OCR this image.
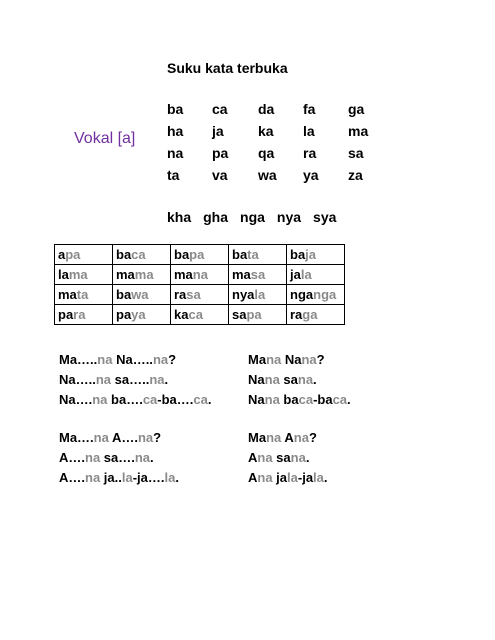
Suku kata terbuka
Vokal [a]
ba	ca	da	fa	ga
ha	ja	ka	la	ma
na	pa	qa	ra	sa
ta	va	wa	ya	za
kha gha nga nya sya
apa	baca	bapa	bata	baja
lama	mama	mana	masa	jala
mata	bawa	rasa	nyala	nganga
para	paya	kaca	sapa	raga
Ma…..na Na…..na?
Na…..na sa…..na.
Na….na ba….ca-ba….ca.
Mana Nana?
Nana sana.
Nana baca-baca.
Ma….na A….na?
A….na sa….na.
A….na ja..la-ja….la.
Mana Ana?
Ana sana.
Ana jala-jala.
